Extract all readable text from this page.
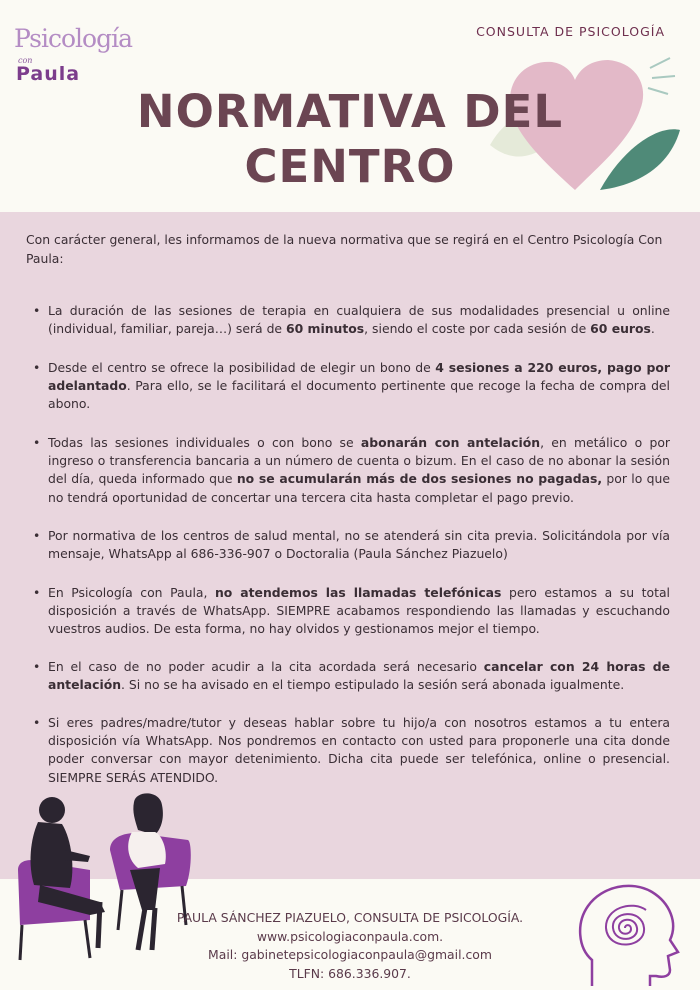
Psicología
con
Paula
CONSULTA DE PSICOLOGÍA
NORMATIVA DEL
CENTRO
Con carácter general, les informamos de la nueva normativa que se regirá en el Centro Psicología Con Paula:
• La duración de las sesiones de terapia en cualquiera de sus modalidades presencial u online (individual, familiar, pareja…) será de 60 minutos, siendo el coste por cada sesión de 60 euros.
• Desde el centro se ofrece la posibilidad de elegir un bono de 4 sesiones a 220 euros, pago por adelantado. Para ello, se le facilitará el documento pertinente que recoge la fecha de compra del abono.
• Todas las sesiones individuales o con bono se abonarán con antelación, en metálico o por ingreso o transferencia bancaria a un número de cuenta o bizum. En el caso de no abonar la sesión del día, queda informado que no se acumularán más de dos sesiones no pagadas, por lo que no tendrá oportunidad de concertar una tercera cita hasta completar el pago previo.
• Por normativa de los centros de salud mental, no se atenderá sin cita previa. Solicitándola por vía mensaje, WhatsApp al 686-336-907 o Doctoralia (Paula Sánchez Piazuelo)
• En Psicología con Paula, no atendemos las llamadas telefónicas pero estamos a su total disposición a través de WhatsApp. SIEMPRE acabamos respondiendo las llamadas y escuchando vuestros audios. De esta forma, no hay olvidos y gestionamos mejor el tiempo.
• En el caso de no poder acudir a la cita acordada será necesario cancelar con 24 horas de antelación. Si no se ha avisado en el tiempo estipulado la sesión será abonada igualmente.
• Si eres padres/madre/tutor y deseas hablar sobre tu hijo/a con nosotros estamos a tu entera disposición vía WhatsApp. Nos pondremos en contacto con usted para proponerle una cita donde poder conversar con mayor detenimiento. Dicha cita puede ser telefónica, online o presencial. SIEMPRE SERÁS ATENDIDO.
PAULA SÁNCHEZ PIAZUELO, CONSULTA DE PSICOLOGÍA.
www.psicologiaconpaula.com.
Mail: gabinetepsicologiaconpaula@gmail.com
TLFN: 686.336.907.
